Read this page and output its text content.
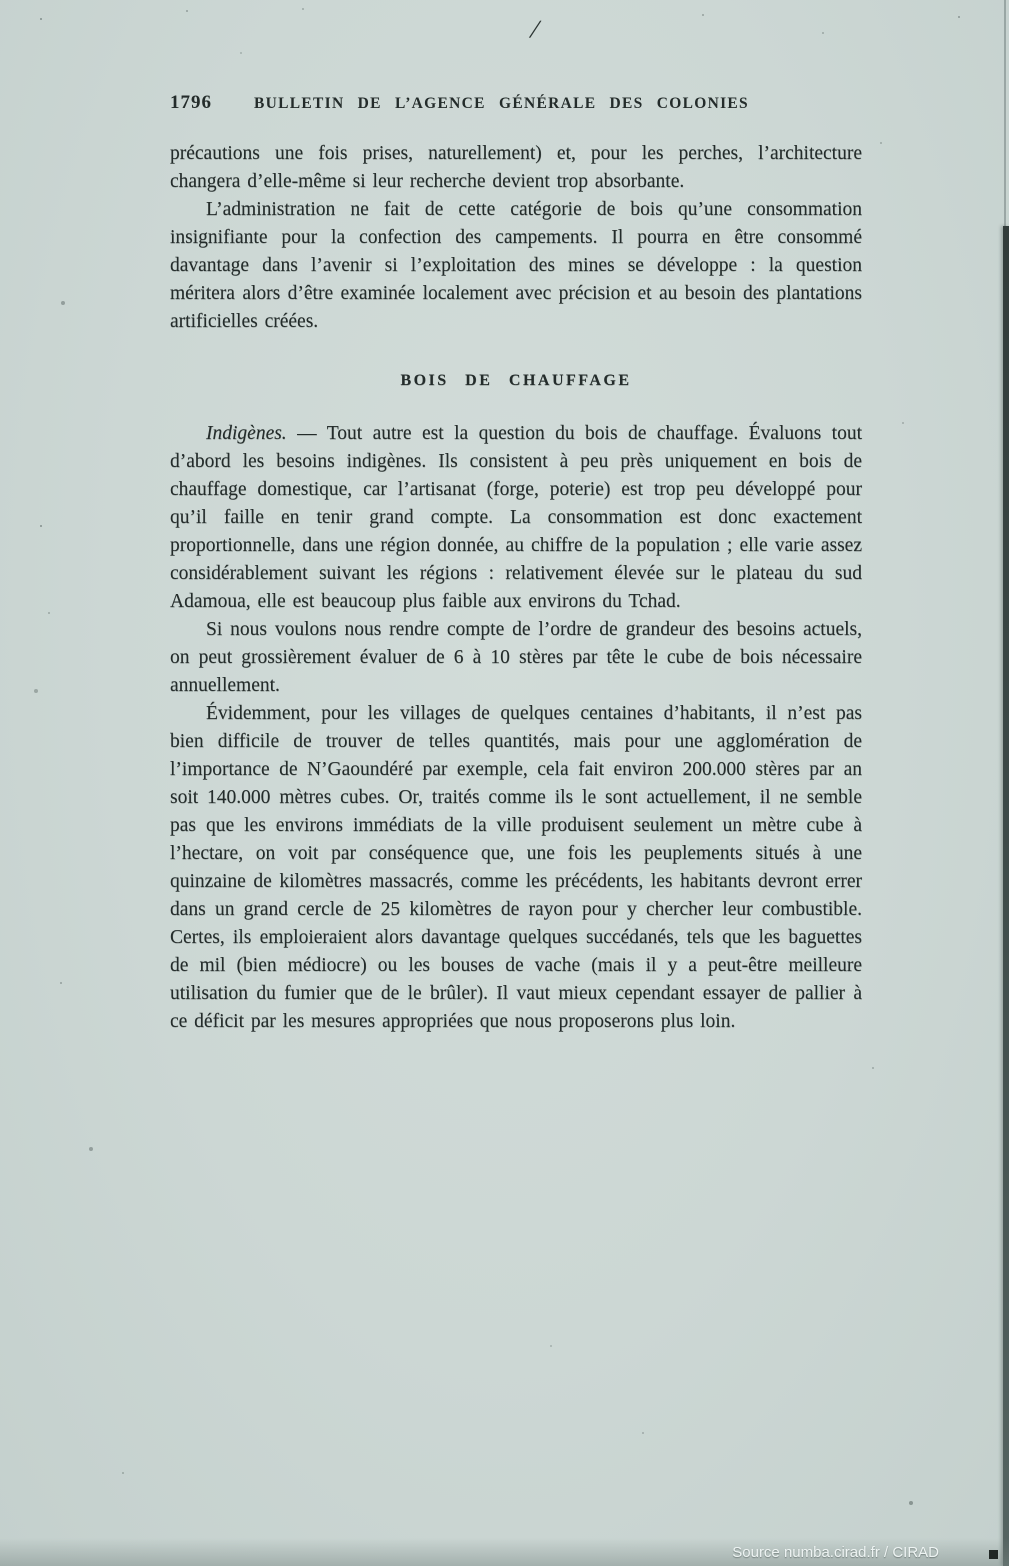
/
1796	BULLETIN DE L’AGENCE GÉNÉRALE DES COLONIES

précautions une fois prises, naturellement) et, pour les perches, l’architecture changera d’elle-même si leur recherche devient trop absorbante.

L’administration ne fait de cette catégorie de bois qu’une consommation insignifiante pour la confection des campements. Il pourra en être consommé davantage dans l’avenir si l’exploitation des mines se développe : la question méritera alors d’être examinée localement avec précision et au besoin des plantations artificielles créées.

BOIS DE CHAUFFAGE

Indigènes. — Tout autre est la question du bois de chauffage. Évaluons tout d’abord les besoins indigènes. Ils consistent à peu près uniquement en bois de chauffage domestique, car l’artisanat (forge, poterie) est trop peu développé pour qu’il faille en tenir grand compte. La consommation est donc exactement proportionnelle, dans une région donnée, au chiffre de la population ; elle varie assez considérablement suivant les régions : relativement élevée sur le plateau du sud Adamoua, elle est beaucoup plus faible aux environs du Tchad.

Si nous voulons nous rendre compte de l’ordre de grandeur des besoins actuels, on peut grossièrement évaluer de 6 à 10 stères par tête le cube de bois nécessaire annuellement.

Évidemment, pour les villages de quelques centaines d’habitants, il n’est pas bien difficile de trouver de telles quantités, mais pour une agglomération de l’importance de N’Gaoundéré par exemple, cela fait environ 200.000 stères par an soit 140.000 mètres cubes. Or, traités comme ils le sont actuellement, il ne semble pas que les environs immédiats de la ville produisent seulement un mètre cube à l’hectare, on voit par conséquence que, une fois les peuplements situés à une quinzaine de kilomètres massacrés, comme les précédents, les habitants devront errer dans un grand cercle de 25 kilomètres de rayon pour y chercher leur combustible. Certes, ils emploieraient alors davantage quelques succédanés, tels que les baguettes de mil (bien médiocre) ou les bouses de vache (mais il y a peut-être meilleure utilisation du fumier que de le brûler). Il vaut mieux cependant essayer de pallier à ce déficit par les mesures appropriées que nous proposerons plus loin.

Source numba.cirad.fr / CIRAD
